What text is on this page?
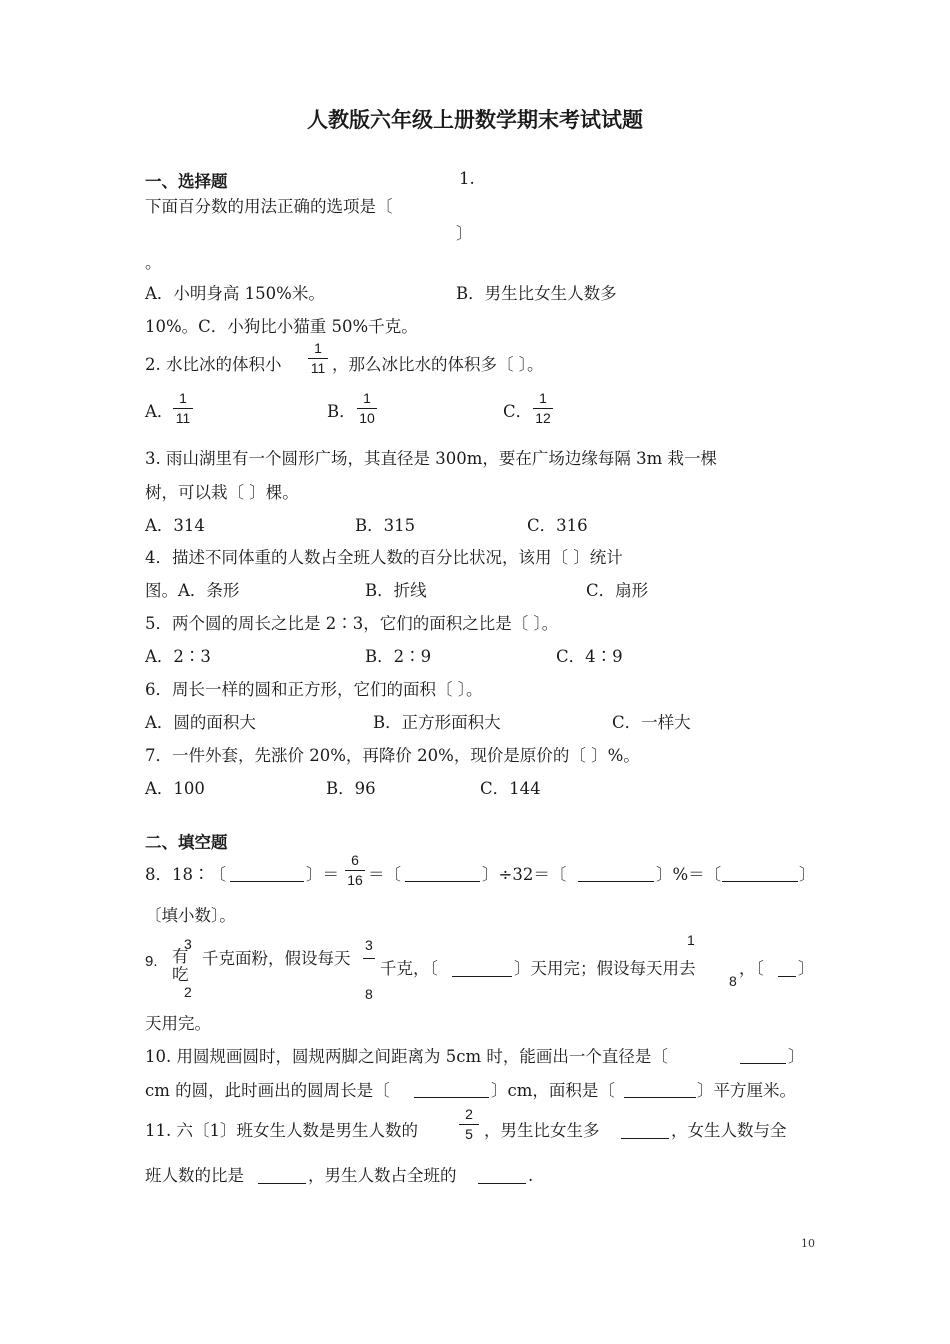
人教版六年级上册数学期末考试试题
一、选择题	1.
下面百分数的用法正确的选项是〔
〕
。
A．小明身高 150%米。	B．男生比女生人数多
10%。C．小狗比小猫重 50%千克。
2. 水比冰的体积小
1
11 ，那么冰比水的体积多〔 〕。
A．
1
11	B．
1
10	C．
1
12
3. 雨山湖里有一个圆形广场，其直径是 300m，要在广场边缘每隔 3m 栽一棵
树，可以栽〔 〕棵。
A．314	B．315	C．316
4．描述不同体重的人数占全班人数的百分比状况，该用〔 〕统计
图。A．条形	B．折线	C．扇形
5．两个圆的周长之比是 2∶3，它们的面积之比是〔 〕。
A．2∶3	B．2∶9	C．4∶9
6．周长一样的圆和正方形，它们的面积〔 〕。
A．圆的面积大	B．正方形面积大	C．一样大
7．一件外套，先涨价 20%，再降价 20%，现价是原价的〔 〕%。
A．100	B．96	C．144
二、填空题
8．18∶〔	〕＝
6
16 ＝〔	〕÷32＝〔	〕%＝〔	〕
〔填小数〕。
9. 有
吃
3
2
千克面粉，假设每天
3
8
千克，〔	〕天用完；假设每天用去
1
8
，〔 〕
天用完。
10. 用圆规画圆时，圆规两脚之间距离为 5cm 时，能画出一个直径是〔	〕
cm 的圆，此时画出的圆周长是〔	〕cm，面积是〔	〕平方厘米。
11. 六〔1〕班女生人数是男生人数的
2
5 ，男生比女生多	，女生人数与全
班人数的比是	，男生人数占全班的	.
10
